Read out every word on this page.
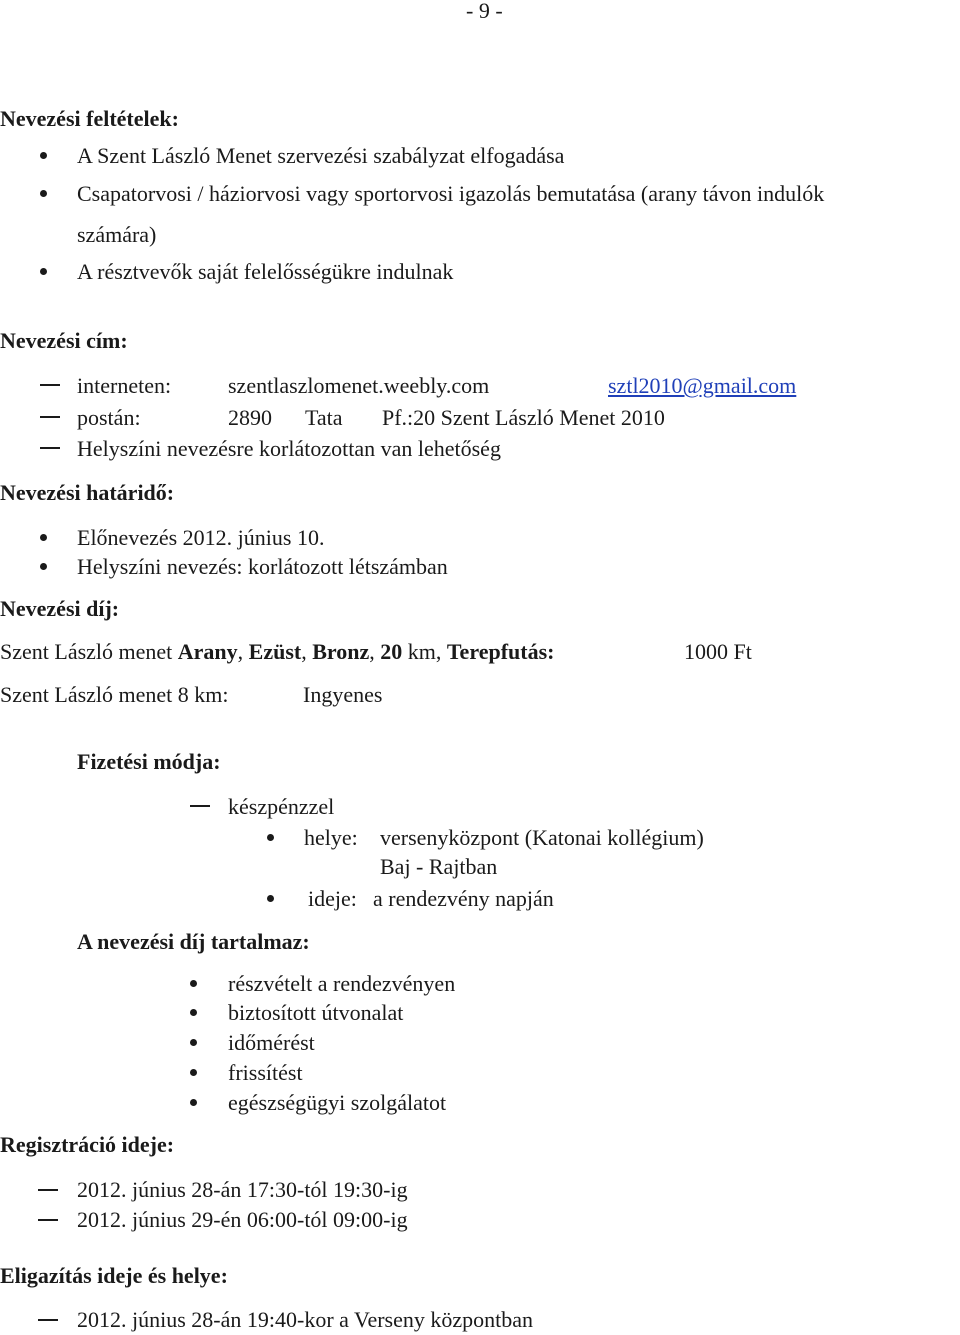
- 9 -
Nevezési feltételek:
A Szent László Menet szervezési szabályzat elfogadása
Csapatorvosi / háziorvosi vagy sportorvosi igazolás bemutatása (arany távon indulók
számára)
A résztvevők saját felelősségükre indulnak
Nevezési cím:
interneten:	szentlaszlomenet.weebly.com	sztl2010@gmail.com
postán:	2890 Tata Pf.:20 Szent László Menet 2010
Helyszíni nevezésre korlátozottan van lehetőség
Nevezési határidő:
Előnevezés 2012. június 10.
Helyszíni nevezés: korlátozott létszámban
Nevezési díj:
Szent László menet Arany, Ezüst, Bronz, 20 km, Terepfutás:	1000 Ft
Szent László menet 8 km:	Ingyenes
Fizetési módja:
készpénzzel
helye: versenyközpont (Katonai kollégium)
Baj - Rajtban
ideje: a rendezvény napján
A nevezési díj tartalmaz:
részvételt a rendezvényen
biztosított útvonalat
időmérést
frissítést
egészségügyi szolgálatot
Regisztráció ideje:
2012. június 28-án 17:30-tól 19:30-ig
2012. június 29-én 06:00-tól 09:00-ig
Eligazítás ideje és helye:
2012. június 28-án 19:40-kor a Verseny központban
